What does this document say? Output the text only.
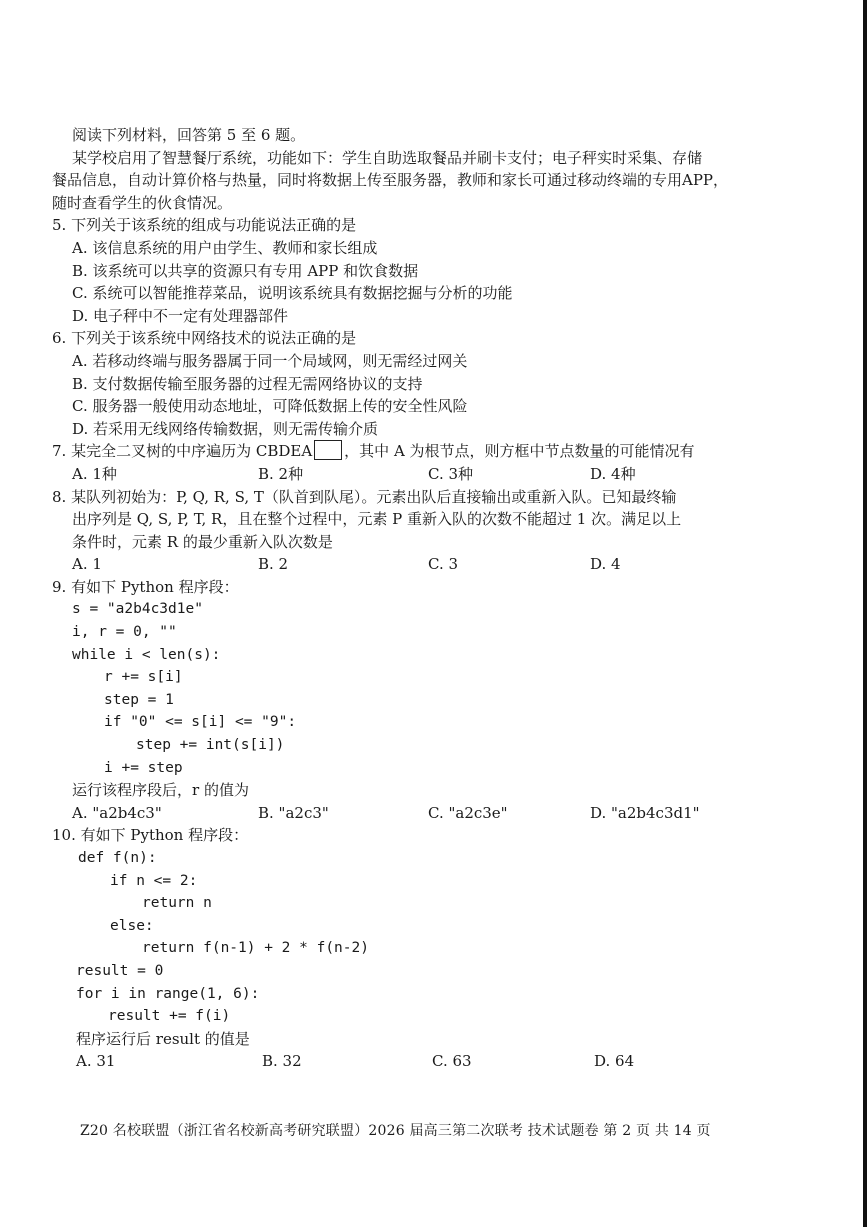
阅读下列材料，回答第 5 至 6 题。
某学校启用了智慧餐厅系统，功能如下：学生自助选取餐品并刷卡支付；电子秤实时采集、存储
餐品信息，自动计算价格与热量，同时将数据上传至服务器，教师和家长可通过移动终端的专用APP，
随时查看学生的伙食情况。
5. 下列关于该系统的组成与功能说法正确的是
A. 该信息系统的用户由学生、教师和家长组成
B. 该系统可以共享的资源只有专用 APP 和饮食数据
C. 系统可以智能推荐菜品，说明该系统具有数据挖掘与分析的功能
D. 电子秤中不一定有处理器部件
6. 下列关于该系统中网络技术的说法正确的是
A. 若移动终端与服务器属于同一个局域网，则无需经过网关
B. 支付数据传输至服务器的过程无需网络协议的支持
C. 服务器一般使用动态地址，可降低数据上传的安全性风险
D. 若采用无线网络传输数据，则无需传输介质
7. 某完全二叉树的中序遍历为 CBDEA ，其中 A 为根节点，则方框中节点数量的可能情况有
A. 1种	B. 2种	C. 3种	D. 4种
8. 某队列初始为：P, Q, R, S, T（队首到队尾）。元素出队后直接输出或重新入队。已知最终输
出序列是 Q, S, P, T, R，且在整个过程中，元素 P 重新入队的次数不能超过 1 次。满足以上
条件时，元素 R 的最少重新入队次数是
A. 1	B. 2	C. 3	D. 4
9. 有如下 Python 程序段：
s = "a2b4c3d1e"
i, r = 0, ""
while i < len(s):
r += s[i]
step = 1
if "0" <= s[i] <= "9":
step += int(s[i])
i += step
运行该程序段后，r 的值为
A. "a2b4c3"	B. "a2c3"	C. "a2c3e"	D. "a2b4c3d1"
10. 有如下 Python 程序段：
def f(n):
if n <= 2:
return n
else:
return f(n-1) + 2 * f(n-2)
result = 0
for i in range(1, 6):
result += f(i)
程序运行后 result 的值是
A. 31	B. 32	C. 63	D. 64
Z20 名校联盟（浙江省名校新高考研究联盟）2026 届高三第二次联考 技术试题卷 第 2 页 共 14 页
